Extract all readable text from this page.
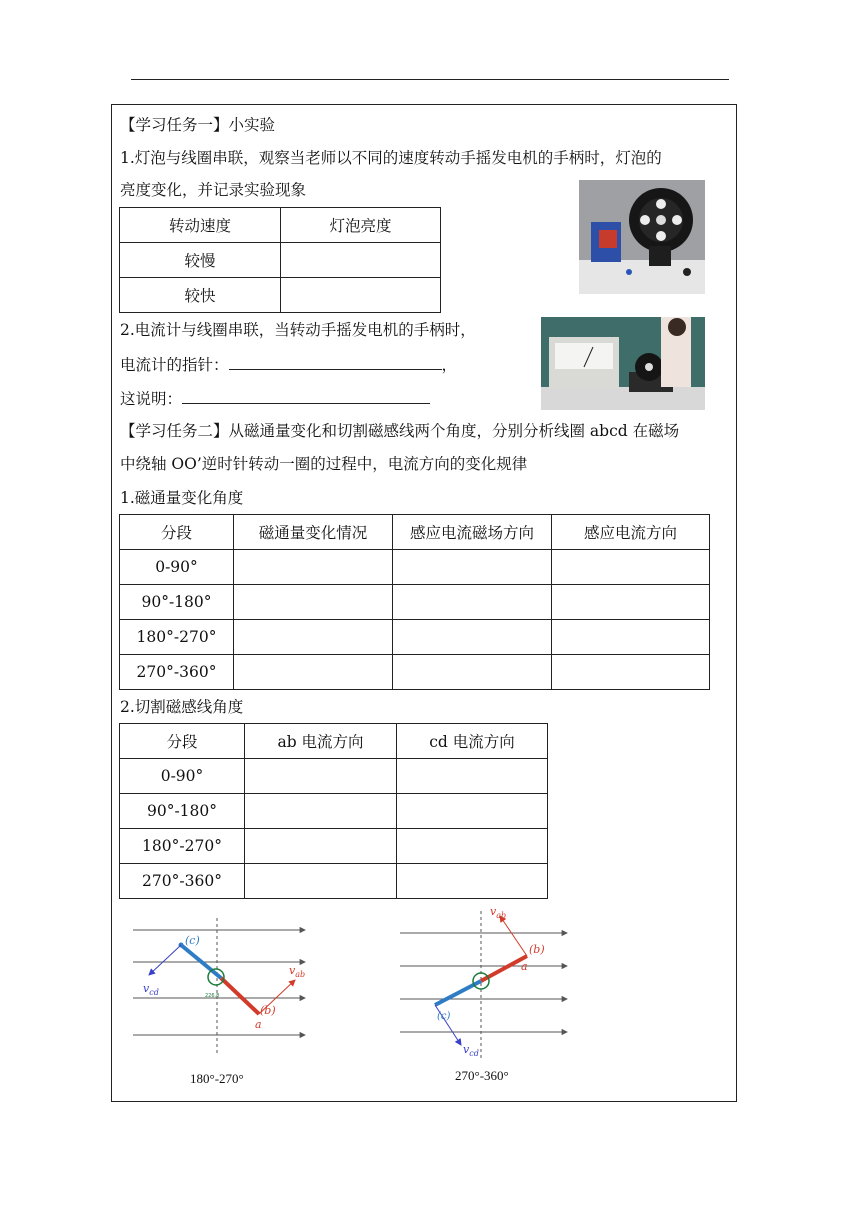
【学习任务一】小实验
1.灯泡与线圈串联，观察当老师以不同的速度转动手摇发电机的手柄时，灯泡的
亮度变化，并记录实验现象
转动速度	灯泡亮度
较慢	
较快	
2.电流计与线圈串联，当转动手摇发电机的手柄时，
电流计的指针：	，
这说明：
【学习任务二】从磁通量变化和切割磁感线两个角度，分别分析线圈 abcd 在磁场
中绕轴 OO’逆时针转动一圈的过程中，电流方向的变化规律
1.磁通量变化角度
分段	磁通量变化情况	感应电流磁场方向	感应电流方向
0-90°			
90°-180°			
180°-270°			
270°-360°			
2.切割磁感线角度
分段	ab 电流方向	cd 电流方向
0-90°		
90°-180°		
180°-270°		
270°-360°		
(c)
(b)
a
$v_{ab}$
$v_{cd}$	226.8
180°-270°
(b)
a
(c)
$v_{ab}$
$v_{cd}$
270°-360°
